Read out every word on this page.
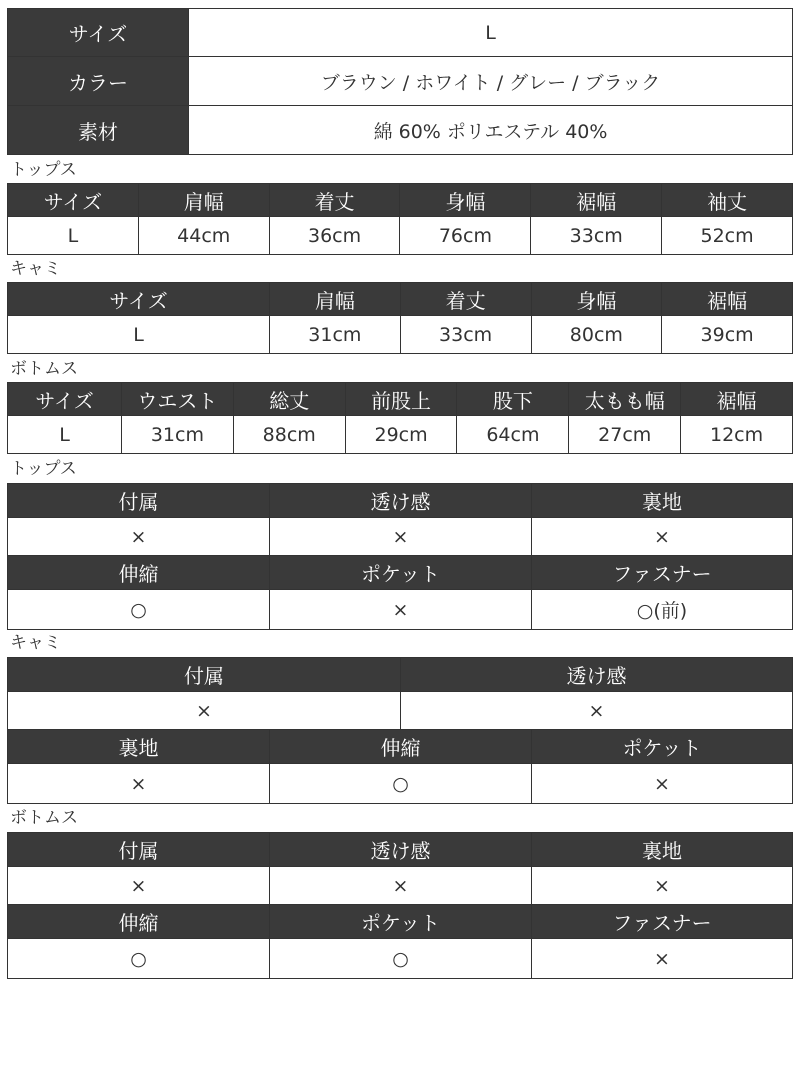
サイズ	L
カラー	ブラウン / ホワイト / グレー / ブラック
素材	綿 60% ポリエステル 40%
トップス
サイズ	肩幅	着丈	身幅	裾幅	袖丈
L	44cm	36cm	76cm	33cm	52cm
キャミ
サイズ	肩幅	着丈	身幅	裾幅
L	31cm	33cm	80cm	39cm
ボトムス
サイズ	ウエスト	総丈	前股上	股下	太もも幅	裾幅
L	31cm	88cm	29cm	64cm	27cm	12cm
トップス
付属	透け感	裏地
×	×	×
伸縮	ポケット	ファスナー
○	×	○(前)
キャミ
付属	透け感
×	×
裏地	伸縮	ポケット
×	○	×
ボトムス
付属	透け感	裏地
×	×	×
伸縮	ポケット	ファスナー
○	○	×
